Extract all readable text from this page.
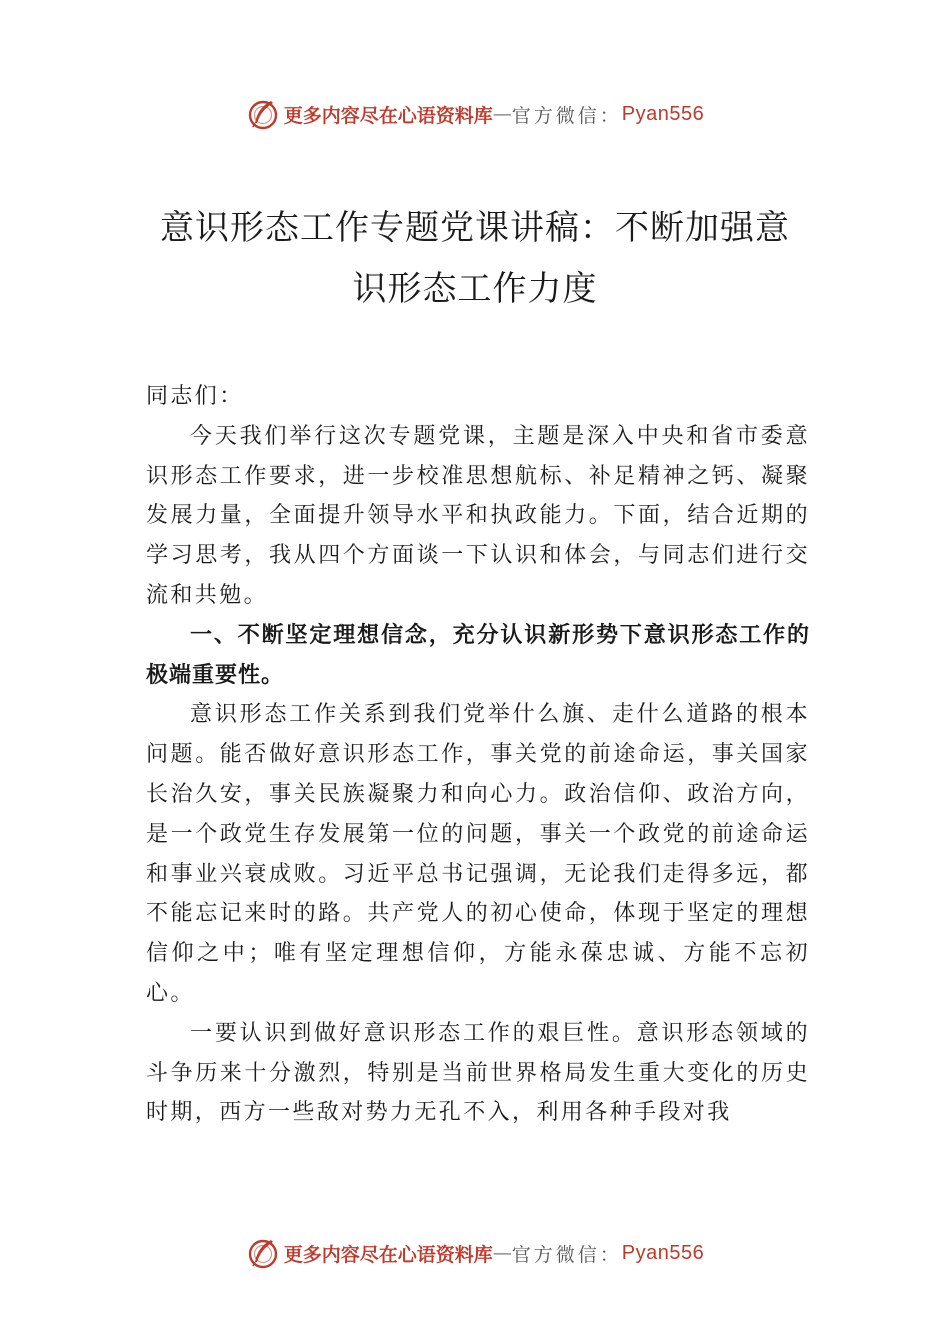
更多内容尽在心语资料库 — 官方微信： Pyan556
意识形态工作专题党课讲稿：不断加强意
识形态工作力度

同志们：

今天我们举行这次专题党课，主题是深入中央和省市委意识形态工作要求，进一步校准思想航标、补足精神之钙、凝聚发展力量，全面提升领导水平和执政能力。下面，结合近期的学习思考，我从四个方面谈一下认识和体会，与同志们进行交流和共勉。

一、不断坚定理想信念，充分认识新形势下意识形态工作的极端重要性。

意识形态工作关系到我们党举什么旗、走什么道路的根本问题。能否做好意识形态工作，事关党的前途命运，事关国家长治久安，事关民族凝聚力和向心力。政治信仰、政治方向，是一个政党生存发展第一位的问题，事关一个政党的前途命运和事业兴衰成败。习近平总书记强调，无论我们走得多远，都不能忘记来时的路。共产党人的初心使命，体现于坚定的理想信仰之中；唯有坚定理想信仰，方能永葆忠诚、方能不忘初心。

一要认识到做好意识形态工作的艰巨性。意识形态领域的斗争历来十分激烈，特别是当前世界格局发生重大变化的历史时期，西方一些敌对势力无孔不入，利用各种手段对我

更多内容尽在心语资料库 — 官方微信： Pyan556
